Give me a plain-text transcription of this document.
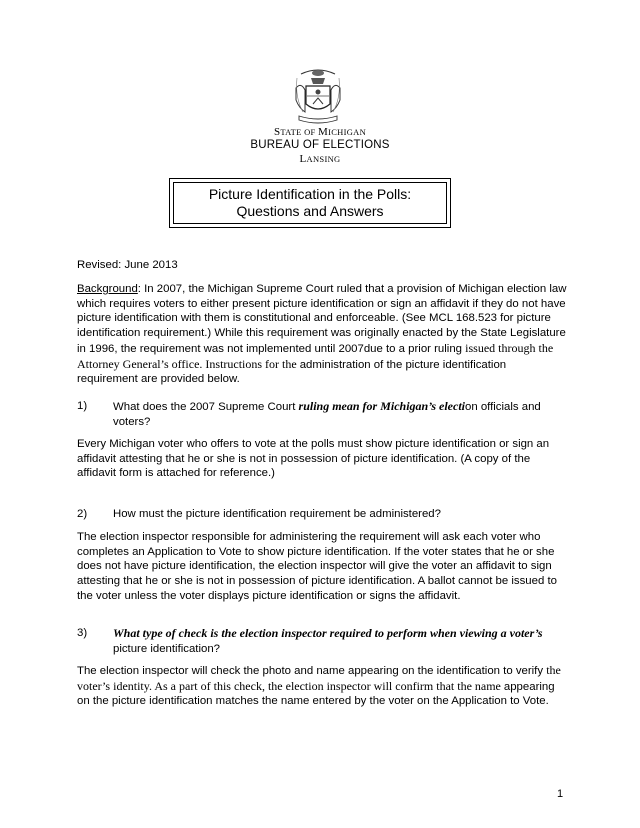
STATE OF MICHIGAN
BUREAU OF ELECTIONS
LANSING
Picture Identification in the Polls:
Questions and Answers

Revised: June 2013

Background: In 2007, the Michigan Supreme Court ruled that a provision of Michigan election law which requires voters to either present picture identification or sign an affidavit if they do not have picture identification with them is constitutional and enforceable. (See MCL 168.523 for picture identification requirement.) While this requirement was originally enacted by the State Legislature in 1996, the requirement was not implemented until 2007due to a prior ruling issued through the Attorney General’s office. Instructions for the administration of the picture identification requirement are provided below.

1) What does the 2007 Supreme Court ruling mean for Michigan’s election officials and voters?

Every Michigan voter who offers to vote at the polls must show picture identification or sign an affidavit attesting that he or she is not in possession of picture identification. (A copy of the affidavit form is attached for reference.)

2) How must the picture identification requirement be administered?

The election inspector responsible for administering the requirement will ask each voter who completes an Application to Vote to show picture identification. If the voter states that he or she does not have picture identification, the election inspector will give the voter an affidavit to sign attesting that he or she is not in possession of picture identification. A ballot cannot be issued to the voter unless the voter displays picture identification or signs the affidavit.

3) What type of check is the election inspector required to perform when viewing a voter’s picture identification?

The election inspector will check the photo and name appearing on the identification to verify the voter’s identity. As a part of this check, the election inspector will confirm that the name appearing on the picture identification matches the name entered by the voter on the Application to Vote.

1
